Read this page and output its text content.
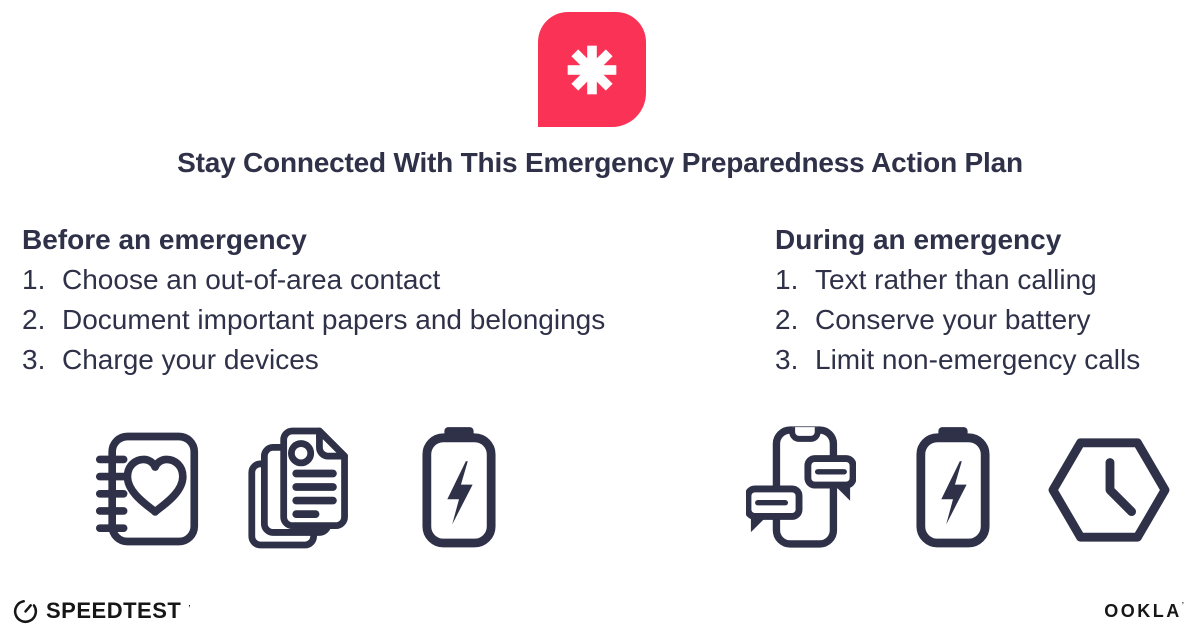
Stay Connected With This Emergency Preparedness Action Plan
Before an emergency
1. Choose an out-of-area contact
2. Document important papers and belongings
3. Charge your devices
During an emergency
1. Text rather than calling
2. Conserve your battery
3. Limit non-emergency calls
SPEEDTEST ’	OOKLA ’
